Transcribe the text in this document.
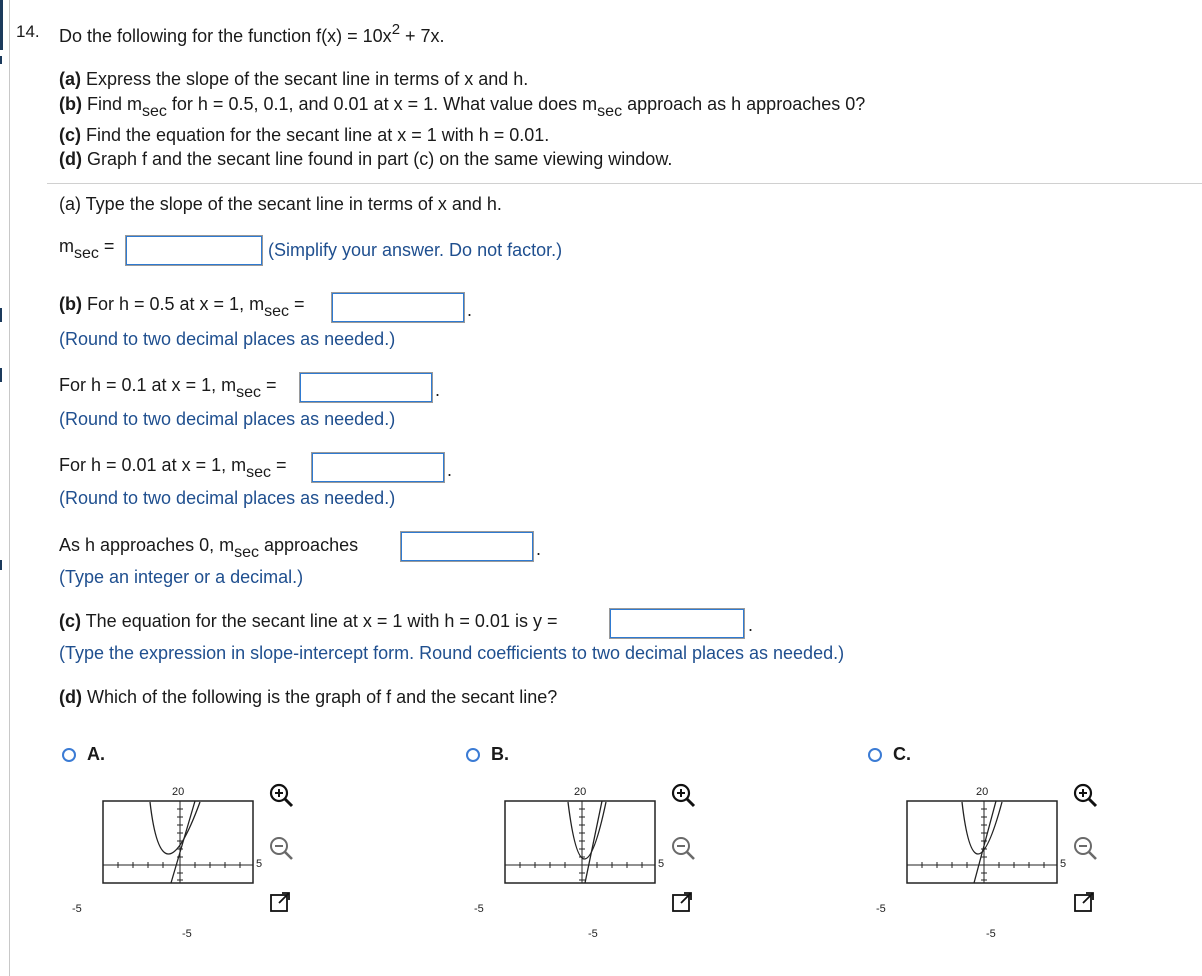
14. Do the following for the function $f(x) = 10x^2 + 7x$.
(a) Express the slope of the secant line in terms of x and h.
(b) Find msec for h = 0.5, 0.1, and 0.01 at x = 1. What value does msec approach as h approaches 0?
(c) Find the equation for the secant line at x = 1 with h = 0.01.
(d) Graph f and the secant line found in part (c) on the same viewing window.
(a) Type the slope of the secant line in terms of x and h.
msec =	(Simplify your answer. Do not factor.)
(b) For h = 0.5 at x = 1, msec =	.
(Round to two decimal places as needed.)
For h = 0.1 at x = 1, msec =	.
(Round to two decimal places as needed.)
For h = 0.01 at x = 1, msec =	.
(Round to two decimal places as needed.)
As h approaches 0, msec approaches	.
(Type an integer or a decimal.)
(c) The equation for the secant line at x = 1 with h = 0.01 is y =	.
(Type the expression in slope-intercept form. Round coefficients to two decimal places as needed.)
(d) Which of the following is the graph of f and the secant line?
A.
20
5
-5
-5
B.
20
5
-5
-5
C.
20
5
-5
-5
